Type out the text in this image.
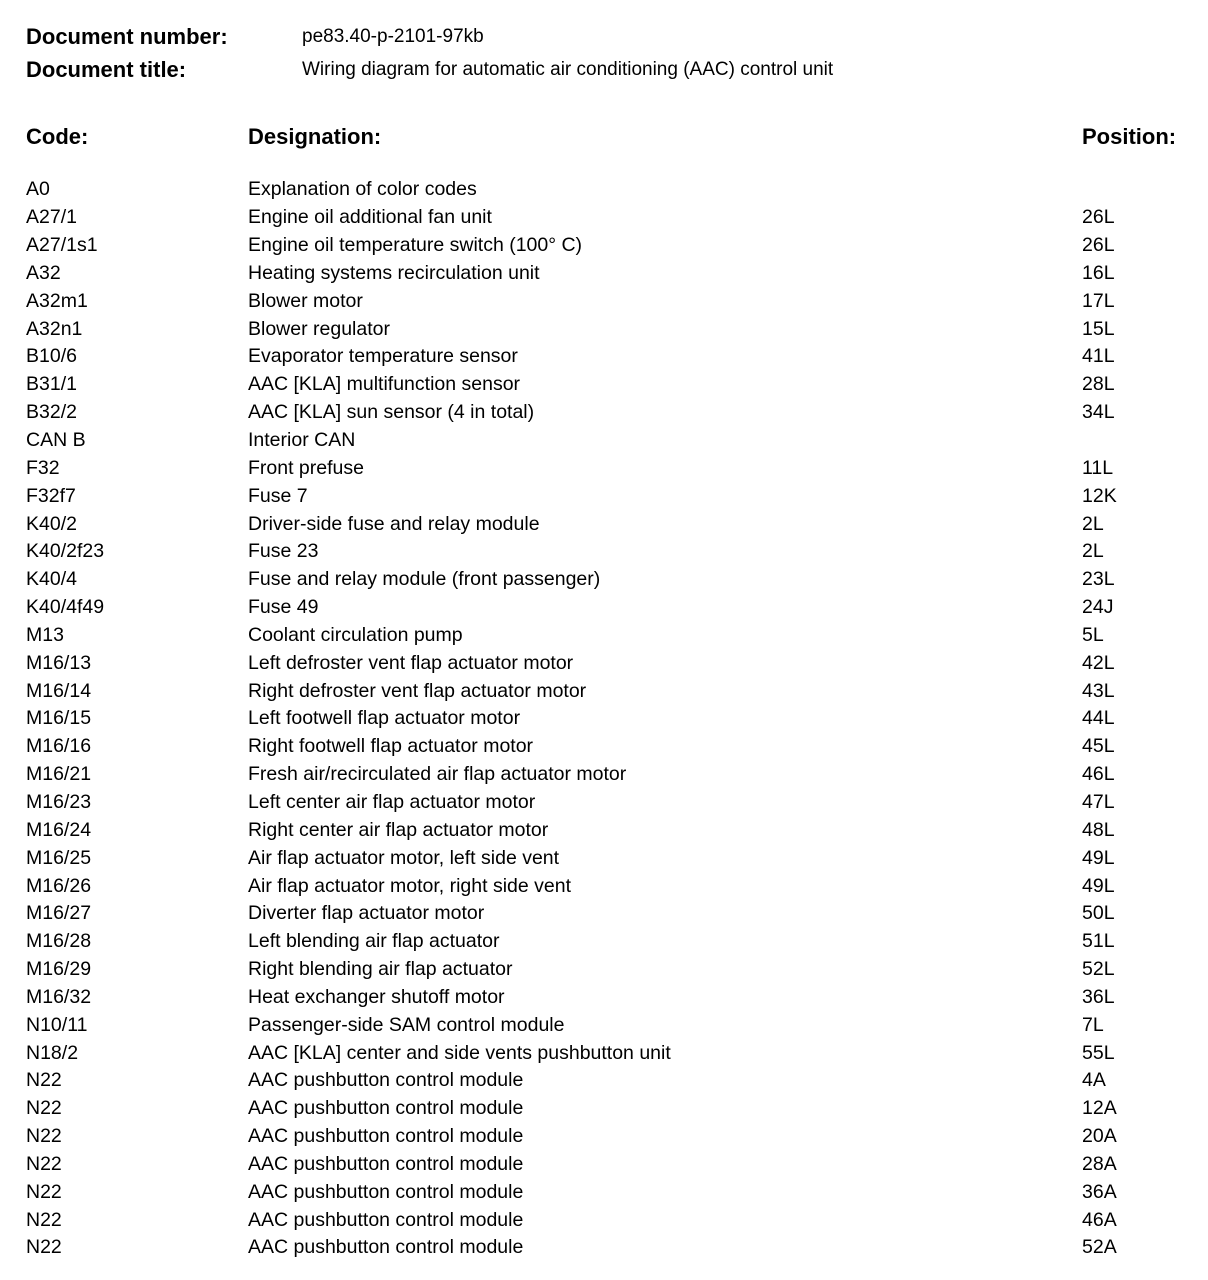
Document number:	pe83.40-p-2101-97kb
Document title:	Wiring diagram for automatic air conditioning (AAC) control unit
Code:	Designation:	Position:
A0	Explanation of color codes
A27/1	Engine oil additional fan unit	26L
A27/1s1	Engine oil temperature switch (100° C)	26L
A32	Heating systems recirculation unit	16L
A32m1	Blower motor	17L
A32n1	Blower regulator	15L
B10/6	Evaporator temperature sensor	41L
B31/1	AAC [KLA] multifunction sensor	28L
B32/2	AAC [KLA] sun sensor (4 in total)	34L
CAN B	Interior CAN
F32	Front prefuse	11L
F32f7	Fuse 7	12K
K40/2	Driver-side fuse and relay module	2L
K40/2f23	Fuse 23	2L
K40/4	Fuse and relay module (front passenger)	23L
K40/4f49	Fuse 49	24J
M13	Coolant circulation pump	5L
M16/13	Left defroster vent flap actuator motor	42L
M16/14	Right defroster vent flap actuator motor	43L
M16/15	Left footwell flap actuator motor	44L
M16/16	Right footwell flap actuator motor	45L
M16/21	Fresh air/recirculated air flap actuator motor	46L
M16/23	Left center air flap actuator motor	47L
M16/24	Right center air flap actuator motor	48L
M16/25	Air flap actuator motor, left side vent	49L
M16/26	Air flap actuator motor, right side vent	49L
M16/27	Diverter flap actuator motor	50L
M16/28	Left blending air flap actuator	51L
M16/29	Right blending air flap actuator	52L
M16/32	Heat exchanger shutoff motor	36L
N10/11	Passenger-side SAM control module	7L
N18/2	AAC [KLA] center and side vents pushbutton unit	55L
N22	AAC pushbutton control module	4A
N22	AAC pushbutton control module	12A
N22	AAC pushbutton control module	20A
N22	AAC pushbutton control module	28A
N22	AAC pushbutton control module	36A
N22	AAC pushbutton control module	46A
N22	AAC pushbutton control module	52A
